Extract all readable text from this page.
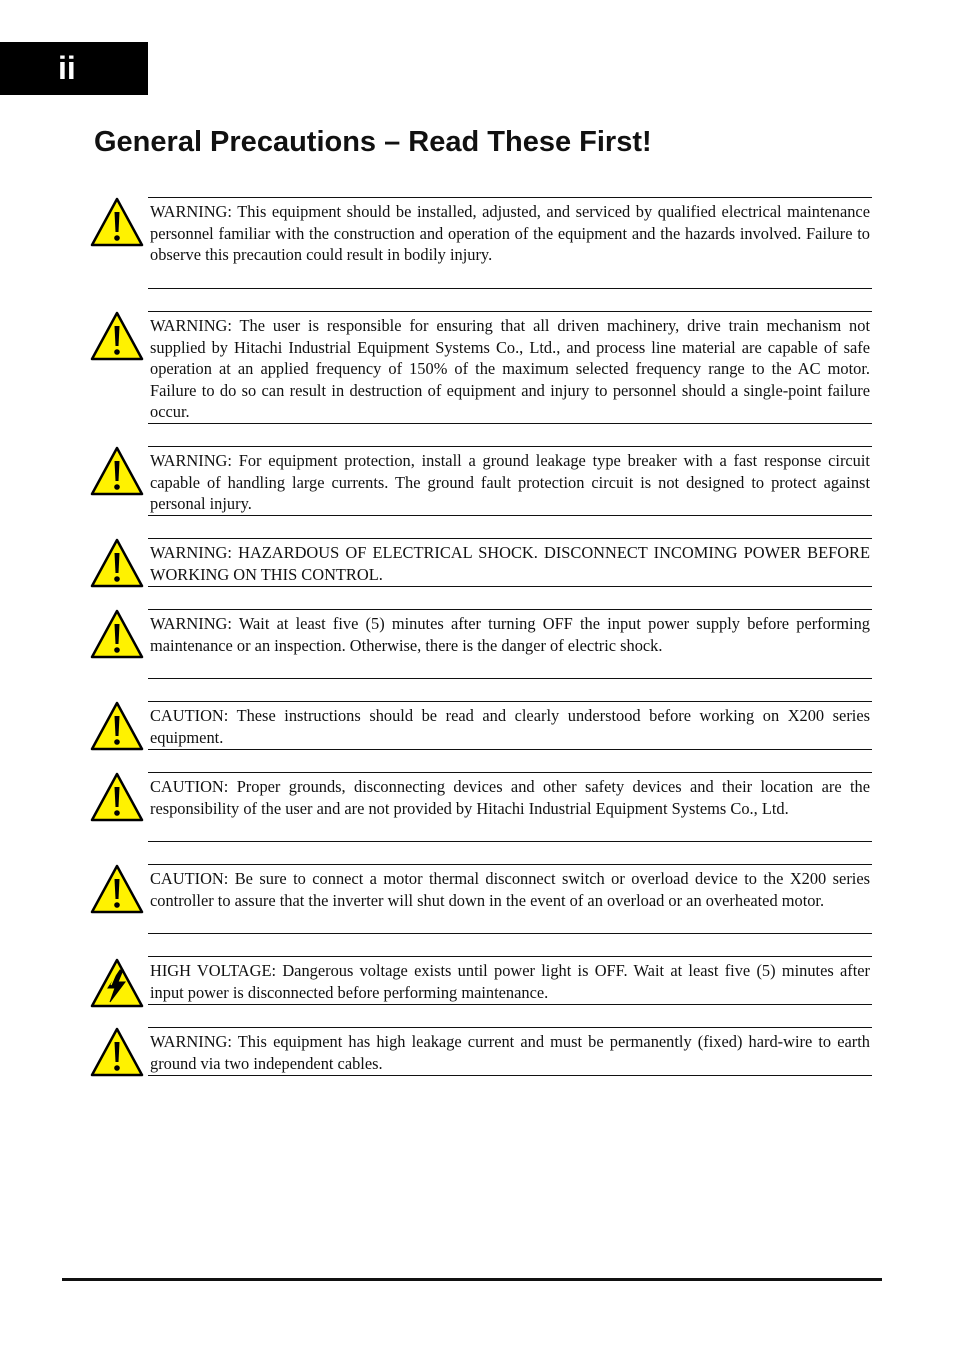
ii
General Precautions – Read These First!
WARNING: This equipment should be installed, adjusted, and serviced by qualified electrical maintenance personnel familiar with the construction and operation of the equipment and the hazards involved. Failure to observe this precaution could result in bodily injury.
WARNING: The user is responsible for ensuring that all driven machinery, drive train mechanism not supplied by Hitachi Industrial Equipment Systems Co., Ltd., and process line material are capable of safe operation at an applied frequency of 150% of the maximum selected frequency range to the AC motor. Failure to do so can result in destruction of equipment and injury to personnel should a single-point failure occur.
WARNING: For equipment protection, install a ground leakage type breaker with a fast response circuit capable of handling large currents. The ground fault protection circuit is not designed to protect against personal injury.
WARNING: HAZARDOUS OF ELECTRICAL SHOCK. DISCONNECT INCOMING POWER BEFORE WORKING ON THIS CONTROL.
WARNING: Wait at least five (5) minutes after turning OFF the input power supply before performing maintenance or an inspection. Otherwise, there is the danger of electric shock.
CAUTION: These instructions should be read and clearly understood before working on X200 series equipment.
CAUTION: Proper grounds, disconnecting devices and other safety devices and their location are the responsibility of the user and are not provided by Hitachi Industrial Equipment Systems Co., Ltd.
CAUTION: Be sure to connect a motor thermal disconnect switch or overload device to the X200 series controller to assure that the inverter will shut down in the event of an overload or an overheated motor.
HIGH VOLTAGE: Dangerous voltage exists until power light is OFF. Wait at least five (5) minutes after input power is disconnected before performing maintenance.
WARNING: This equipment has high leakage current and must be permanently (fixed) hard-wire to earth ground via two independent cables.
